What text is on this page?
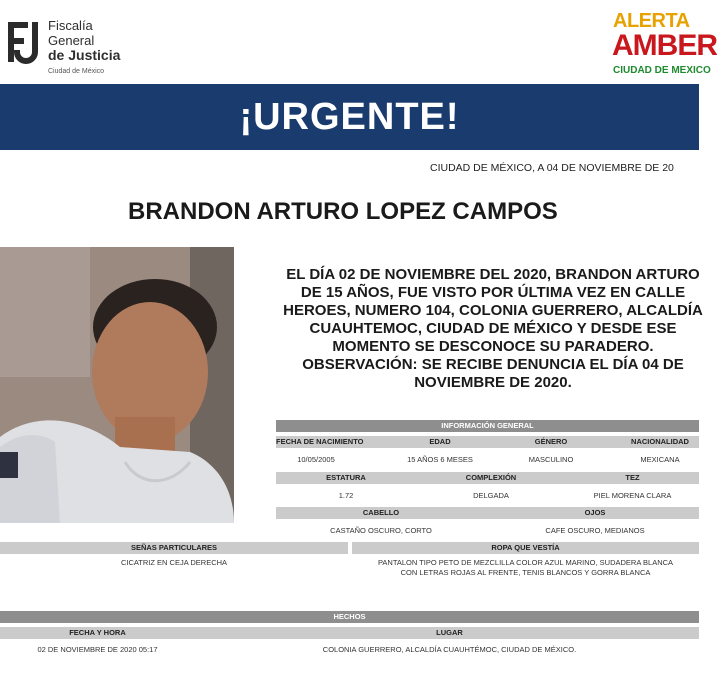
Fiscalía
General
de Justicia
Ciudad de México
ALERTA
AMBER
CIUDAD DE MEXICO
¡URGENTE!
CIUDAD DE MÉXICO, A 04 DE NOVIEMBRE DE 20
BRANDON ARTURO LOPEZ CAMPOS
EL DÍA 02 DE NOVIEMBRE DEL 2020, BRANDON ARTURO
DE 15 AÑOS, FUE VISTO POR ÚLTIMA VEZ EN CALLE
HEROES, NUMERO 104, COLONIA GUERRERO, ALCALDÍA
CUAUHTEMOC, CIUDAD DE MÉXICO Y DESDE ESE
MOMENTO SE DESCONOCE SU PARADERO.
OBSERVACIÓN: SE RECIBE DENUNCIA EL DÍA 04 DE
NOVIEMBRE DE 2020.
INFORMACIÓN GENERAL
FECHA DE NACIMIENTO	EDAD	GÉNERO	NACIONALIDAD
10/05/2005	15 AÑOS 6 MESES	MASCULINO	MEXICANA
ESTATURA	COMPLEXIÓN	TEZ
1.72	DELGADA	PIEL MORENA CLARA
CABELLO	OJOS
CASTAÑO OSCURO, CORTO	CAFE OSCURO, MEDIANOS
SEÑAS PARTICULARES	ROPA QUE VESTÍA
CICATRIZ EN CEJA DERECHA	PANTALON TIPO PETO DE MEZCLILLA COLOR AZUL MARINO, SUDADERA BLANCA
CON LETRAS ROJAS AL FRENTE, TENIS BLANCOS Y GORRA BLANCA
HECHOS
FECHA Y HORA	LUGAR
02 DE NOVIEMBRE DE 2020 05:17	COLONIA GUERRERO, ALCALDÍA CUAUHTÉMOC, CIUDAD DE MÉXICO.
